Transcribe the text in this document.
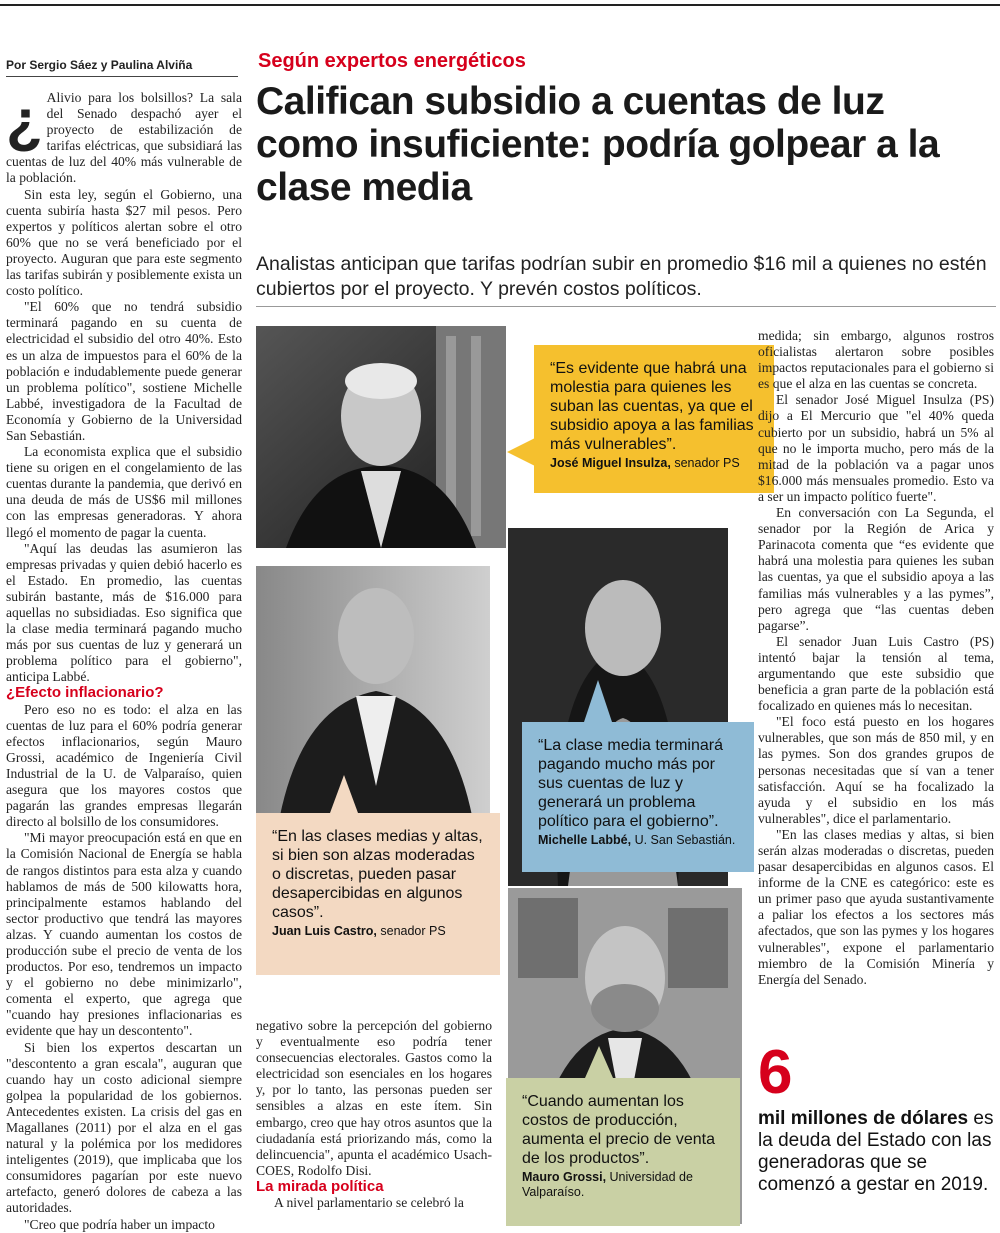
Por Sergio Sáez y Paulina Alviña

¿ Alivio para los bolsillos? La sala del Senado despachó ayer el proyecto de estabilización de tarifas eléctricas, que subsidiará las cuentas de luz del 40% más vulnerable de la población.

Sin esta ley, según el Gobierno, una cuenta subiría hasta $27 mil pesos. Pero expertos y políticos alertan sobre el otro 60% que no se verá beneficiado por el proyecto. Auguran que para este segmento las tarifas subirán y posiblemente exista un costo político.

"El 60% que no tendrá subsidio terminará pagando en su cuenta de electricidad el subsidio del otro 40%. Esto es un alza de impuestos para el 60% de la población e indudablemente puede generar un problema político", sostiene Michelle Labbé, investigadora de la Facultad de Economía y Gobierno de la Universidad San Sebastián.

La economista explica que el subsidio tiene su origen en el congelamiento de las cuentas durante la pandemia, que derivó en una deuda de más de US$6 mil millones con las empresas generadoras. Y ahora llegó el momento de pagar la cuenta.

"Aquí las deudas las asumieron las empresas privadas y quien debió hacerlo es el Estado. En promedio, las cuentas subirán bastante, más de $16.000 para aquellas no subsidiadas. Eso significa que la clase media terminará pagando mucho más por sus cuentas de luz y generará un problema político para el gobierno", anticipa Labbé.

¿Efecto inflacionario?

Pero eso no es todo: el alza en las cuentas de luz para el 60% podría generar efectos inflacionarios, según Mauro Grossi, académico de Ingeniería Civil Industrial de la U. de Valparaíso, quien asegura que los mayores costos que pagarán las grandes empresas llegarán directo al bolsillo de los consumidores.

"Mi mayor preocupación está en que en la Comisión Nacional de Energía se habla de rangos distintos para esta alza y cuando hablamos de más de 500 kilowatts hora, principalmente estamos hablando del sector productivo que tendrá las mayores alzas. Y cuando aumentan los costos de producción sube el precio de venta de los productos. Por eso, tendremos un impacto y el gobierno no debe minimizarlo", comenta el experto, que agrega que "cuando hay presiones inflacionarias es evidente que hay un descontento".

Si bien los expertos descartan un "descontento a gran escala", auguran que cuando hay un costo adicional siempre golpea la popularidad de los gobiernos. Antecedentes existen. La crisis del gas en Magallanes (2011) por el alza en el gas natural y la polémica por los medidores inteligentes (2019), que implicaba que los consumidores pagarían por este nuevo artefacto, generó dolores de cabeza a las autoridades.

"Creo que podría haber un impacto

Según expertos energéticos
Califican subsidio a cuentas de luz como insuficiente: podría golpear a la clase media
Analistas anticipan que tarifas podrían subir en promedio $16 mil a quienes no estén cubiertos por el proyecto. Y prevén costos políticos.
“Es evidente que habrá una molestia para quienes les suban las cuentas, ya que el subsidio apoya a las familias más vulnerables”.
José Miguel Insulza, senador PS
“La clase media terminará pagando mucho más por sus cuentas de luz y generará un problema político para el gobierno”.
Michelle Labbé, U. San Sebastián.
“En las clases medias y altas, si bien son alzas moderadas o discretas, pueden pasar desapercibidas en algunos casos”.
Juan Luis Castro, senador PS
“Cuando aumentan los costos de producción, aumenta el precio de venta de los productos”.
Mauro Grossi, Universidad de Valparaíso.

negativo sobre la percepción del gobierno y eventualmente eso podría tener consecuencias electorales. Gastos como la electricidad son esenciales en los hogares y, por lo tanto, las personas pueden ser sensibles a alzas en este ítem. Sin embargo, creo que hay otros asuntos que la ciudadanía está priorizando más, como la delincuencia", apunta el académico Usach-COES, Rodolfo Disi.

La mirada política

A nivel parlamentario se celebró la

medida; sin embargo, algunos rostros oficialistas alertaron sobre posibles impactos reputacionales para el gobierno si es que el alza en las cuentas se concreta.

El senador José Miguel Insulza (PS) dijo a El Mercurio que "el 40% queda cubierto por un subsidio, habrá un 5% al que no le importa mucho, pero más de la mitad de la población va a pagar unos $16.000 más mensuales promedio. Esto va a ser un impacto político fuerte".

En conversación con La Segunda, el senador por la Región de Arica y Parinacota comenta que “es evidente que habrá una molestia para quienes les suban las cuentas, ya que el subsidio apoya a las familias más vulnerables y a las pymes”, pero agrega que “las cuentas deben pagarse”.

El senador Juan Luis Castro (PS) intentó bajar la tensión al tema, argumentando que este subsidio que beneficia a gran parte de la población está focalizado en quienes más lo necesitan.

"El foco está puesto en los hogares vulnerables, que son más de 850 mil, y en las pymes. Son dos grandes grupos de personas necesitadas que sí van a tener satisfacción. Aquí se ha focalizado la ayuda y el subsidio en los más vulnerables", dice el parlamentario.

"En las clases medias y altas, si bien serán alzas moderadas o discretas, pueden pasar desapercibidas en algunos casos. El informe de la CNE es categórico: este es un primer paso que ayuda sustantivamente a paliar los efectos a los sectores más afectados, que son las pymes y los hogares vulnerables", expone el parlamentario miembro de la Comisión Minería y Energía del Senado.

6
mil millones de dólares es la deuda del Estado con las generadoras que se comenzó a gestar en 2019.
